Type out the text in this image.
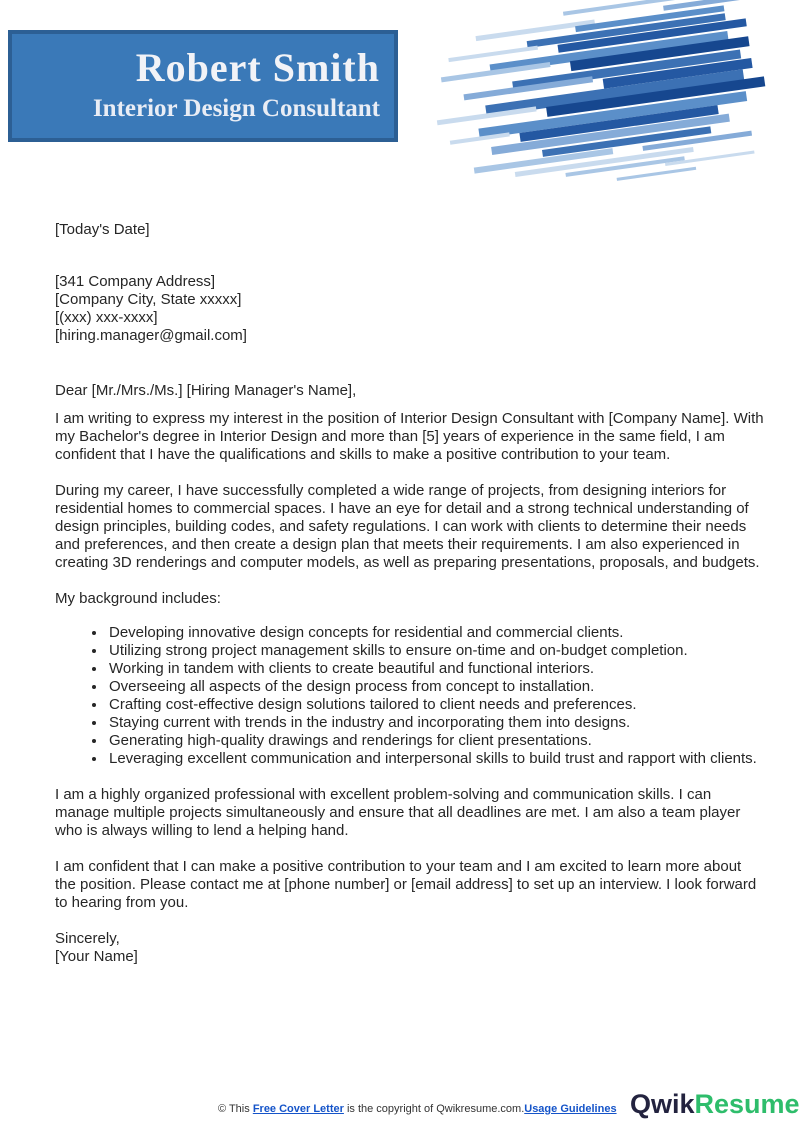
Robert Smith
Interior Design Consultant

[Today's Date]

[341 Company Address]
[Company City, State xxxxx]
[(xxx) xxx-xxxx]
[hiring.manager@gmail.com]

Dear [Mr./Mrs./Ms.] [Hiring Manager's Name],

I am writing to express my interest in the position of Interior Design Consultant with [Company Name]. With my Bachelor's degree in Interior Design and more than [5] years of experience in the same field, I am confident that I have the qualifications and skills to make a positive contribution to your team.

During my career, I have successfully completed a wide range of projects, from designing interiors for residential homes to commercial spaces. I have an eye for detail and a strong technical understanding of design principles, building codes, and safety regulations. I can work with clients to determine their needs and preferences, and then create a design plan that meets their requirements. I am also experienced in creating 3D renderings and computer models, as well as preparing presentations, proposals, and budgets.

My background includes:

• Developing innovative design concepts for residential and commercial clients.
• Utilizing strong project management skills to ensure on-time and on-budget completion.
• Working in tandem with clients to create beautiful and functional interiors.
• Overseeing all aspects of the design process from concept to installation.
• Crafting cost-effective design solutions tailored to client needs and preferences.
• Staying current with trends in the industry and incorporating them into designs.
• Generating high-quality drawings and renderings for client presentations.
• Leveraging excellent communication and interpersonal skills to build trust and rapport with clients.

I am a highly organized professional with excellent problem-solving and communication skills. I can manage multiple projects simultaneously and ensure that all deadlines are met. I am also a team player who is always willing to lend a helping hand.

I am confident that I can make a positive contribution to your team and I am excited to learn more about the position. Please contact me at [phone number] or [email address] to set up an interview. I look forward to hearing from you.

Sincerely,
[Your Name]

© This Free Cover Letter is the copyright of Qwikresume.com.Usage Guidelines QwikResume
